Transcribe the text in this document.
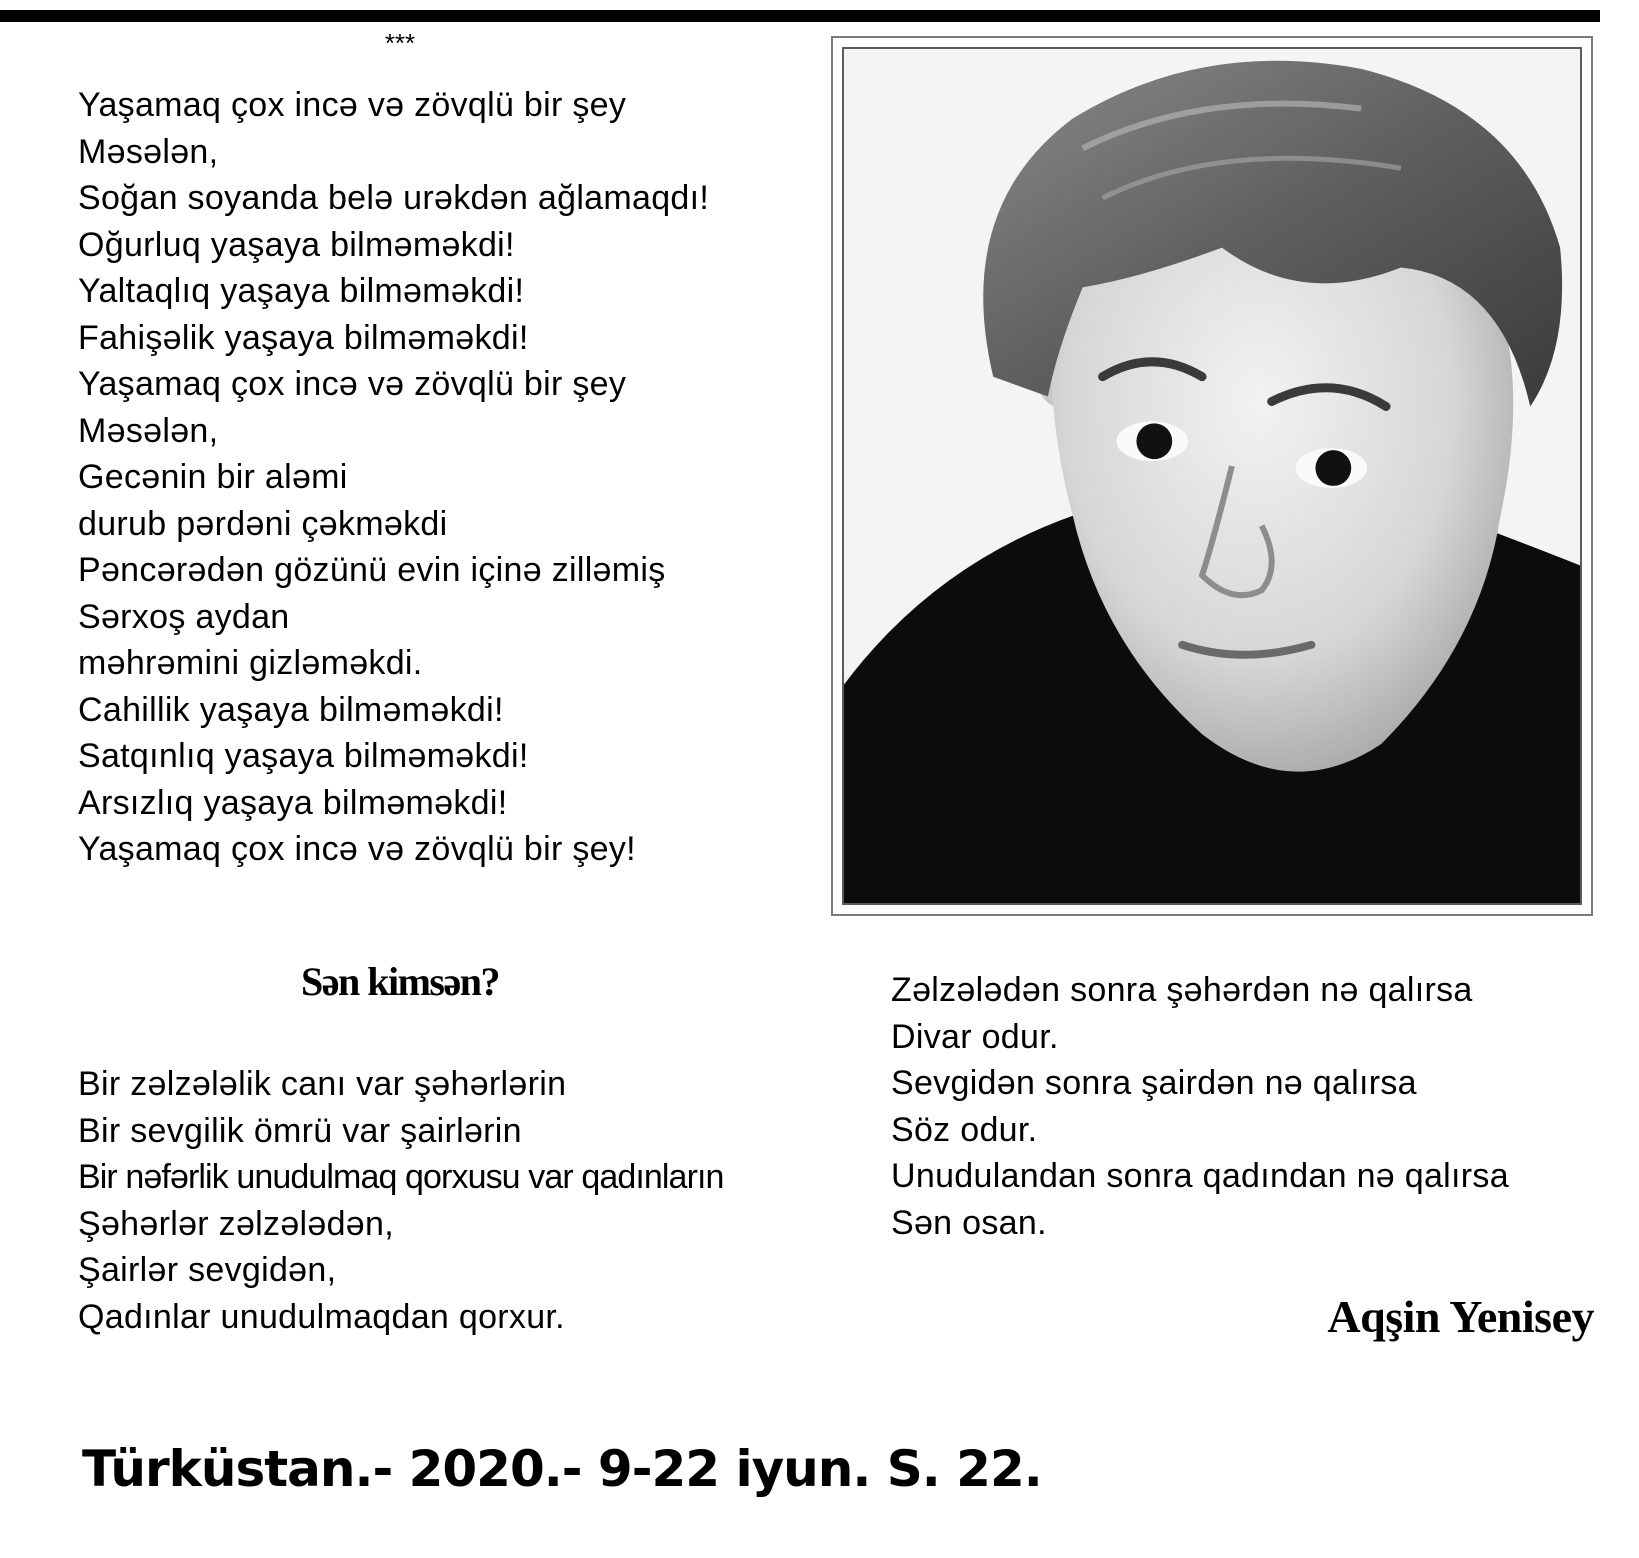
***
Yaşamaq çox incə və zövqlü bir şey
Məsələn,
Soğan soyanda belə urəkdən ağlamaqdı!
Oğurluq yaşaya bilməməkdi!
Yaltaqlıq yaşaya bilməməkdi!
Fahişəlik yaşaya bilməməkdi!
Yaşamaq çox incə və zövqlü bir şey
Məsələn,
Gecənin bir aləmi
durub pərdəni çəkməkdi
Pəncərədən gözünü evin içinə zilləmiş
Sərxoş aydan
məhrəmini gizləməkdi.
Cahillik yaşaya bilməməkdi!
Satqınlıq yaşaya bilməməkdi!
Arsızlıq yaşaya bilməməkdi!
Yaşamaq çox incə və zövqlü bir şey!
Sən kimsən?
Bir zəlzələlik canı var şəhərlərin
Bir sevgilik ömrü var şairlərin
Bir nəfərlik unudulmaq qorxusu var qadınların
Şəhərlər zəlzələdən,
Şairlər sevgidən,
Qadınlar unudulmaqdan qorxur.
Zəlzələdən sonra şəhərdən nə qalırsa
Divar odur.
Sevgidən sonra şairdən nə qalırsa
Söz odur.
Unudulandan sonra qadından nə qalırsa
Sən osan.
Aqşin Yenisey
Türküstan.- 2020.- 9-22 iyun. S. 22.
